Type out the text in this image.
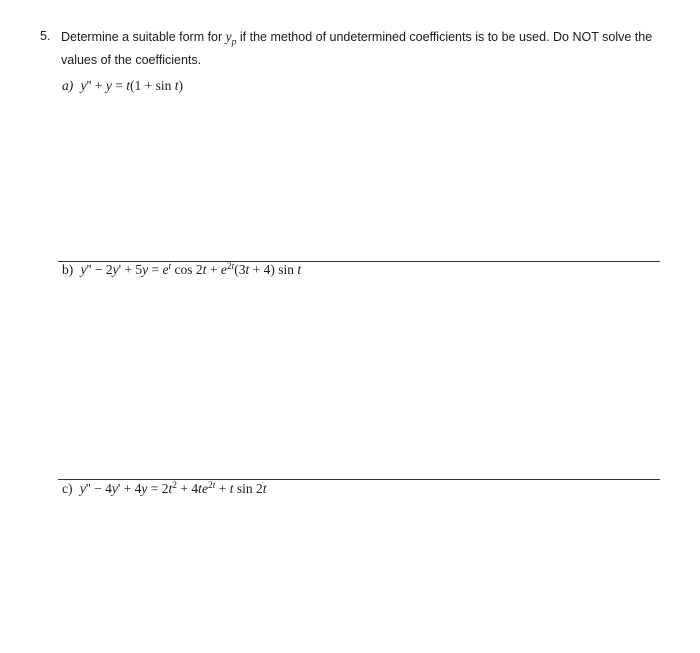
5. Determine a suitable form for $y_p$ if the method of undetermined coefficients is to be used. Do NOT solve the values of the coefficients.
a) y'' + y = t(1 + sin t)
b) $y'' - 2y' + 5y = e^t$ $\cos 2t + e^{2t}(3t + 4)$ sin t
c) $y'' - 4y' + 4y = 2t^2 + 4te^{2t} + t$ sin 2t
